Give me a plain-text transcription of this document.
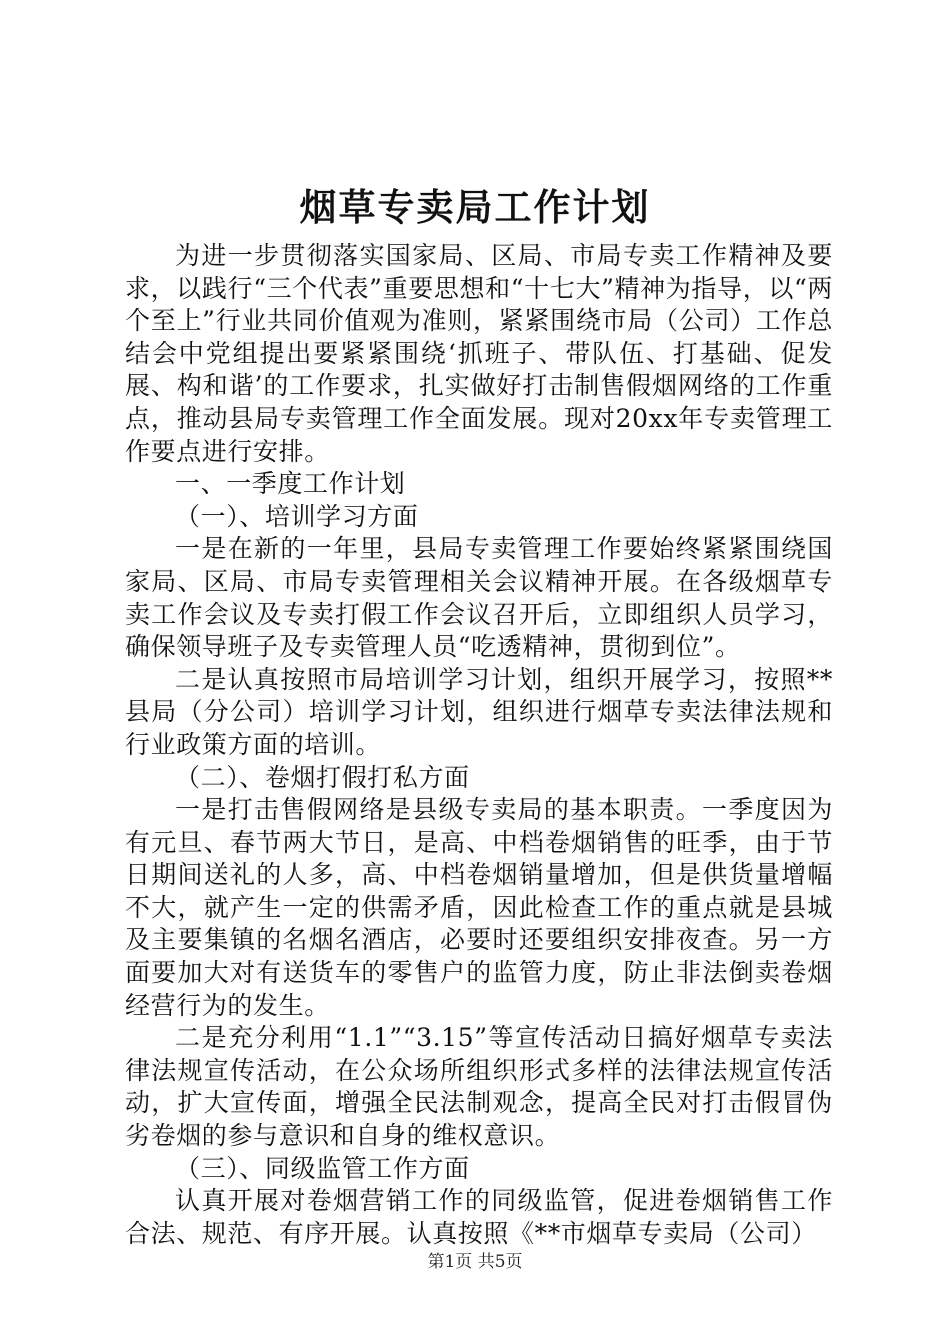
烟草专卖局工作计划

为进一步贯彻落实国家局、区局、市局专卖工作精神及要求，以践行“三个代表”重要思想和“十七大”精神为指导，以“两个至上”行业共同价值观为准则，紧紧围绕市局（公司）工作总结会中党组提出要紧紧围绕‘抓班子、带队伍、打基础、促发展、构和谐’的工作要求，扎实做好打击制售假烟网络的工作重点，推动县局专卖管理工作全面发展。现对20xx年专卖管理工作要点进行安排。

一、一季度工作计划

（一）、培训学习方面

一是在新的一年里，县局专卖管理工作要始终紧紧围绕国家局、区局、市局专卖管理相关会议精神开展。在各级烟草专卖工作会议及专卖打假工作会议召开后，立即组织人员学习，确保领导班子及专卖管理人员“吃透精神，贯彻到位”。

二是认真按照市局培训学习计划，组织开展学习，按照**县局（分公司）培训学习计划，组织进行烟草专卖法律法规和行业政策方面的培训。

（二）、卷烟打假打私方面

一是打击售假网络是县级专卖局的基本职责。一季度因为有元旦、春节两大节日，是高、中档卷烟销售的旺季，由于节日期间送礼的人多，高、中档卷烟销量增加，但是供货量增幅不大，就产生一定的供需矛盾，因此检查工作的重点就是县城及主要集镇的名烟名酒店，必要时还要组织安排夜查。另一方面要加大对有送货车的零售户的监管力度，防止非法倒卖卷烟经营行为的发生。

二是充分利用“1.1”“3.15”等宣传活动日搞好烟草专卖法律法规宣传活动，在公众场所组织形式多样的法律法规宣传活动，扩大宣传面，增强全民法制观念，提高全民对打击假冒伪劣卷烟的参与意识和自身的维权意识。

（三）、同级监管工作方面

认真开展对卷烟营销工作的同级监管，促进卷烟销售工作合法、规范、有序开展。认真按照《**市烟草专卖局（公司）

第1页 共5页
